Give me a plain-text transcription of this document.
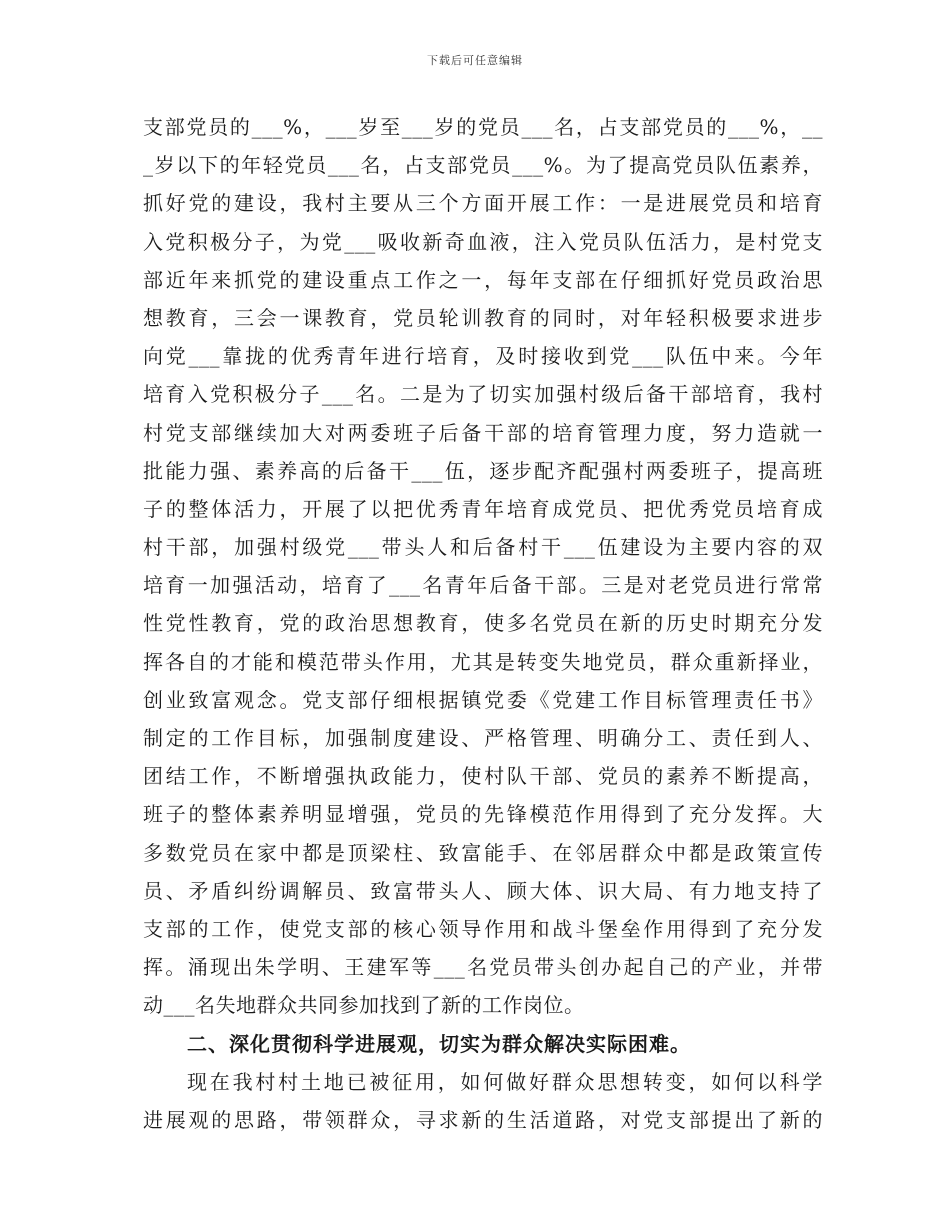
下载后可任意编辑
支部党员的___%，___岁至___岁的党员___名，占支部党员的___%，__
_岁以下的年轻党员___名，占支部党员___%。为了提高党员队伍素养，
抓好党的建设，我村主要从三个方面开展工作：一是进展党员和培育
入党积极分子，为党___吸收新奇血液，注入党员队伍活力，是村党支
部近年来抓党的建设重点工作之一，每年支部在仔细抓好党员政治思
想教育，三会一课教育，党员轮训教育的同时，对年轻积极要求进步
向党___靠拢的优秀青年进行培育，及时接收到党___队伍中来。今年
培育入党积极分子___名。二是为了切实加强村级后备干部培育，我村
村党支部继续加大对两委班子后备干部的培育管理力度，努力造就一
批能力强、素养高的后备干___伍，逐步配齐配强村两委班子，提高班
子的整体活力，开展了以把优秀青年培育成党员、把优秀党员培育成
村干部，加强村级党___带头人和后备村干___伍建设为主要内容的双
培育一加强活动，培育了___名青年后备干部。三是对老党员进行常常
性党性教育，党的政治思想教育，使多名党员在新的历史时期充分发
挥各自的才能和模范带头作用，尤其是转变失地党员，群众重新择业，
创业致富观念。党支部仔细根据镇党委《党建工作目标管理责任书》
制定的工作目标，加强制度建设、严格管理、明确分工、责任到人、
团结工作，不断增强执政能力，使村队干部、党员的素养不断提高，
班子的整体素养明显增强，党员的先锋模范作用得到了充分发挥。大
多数党员在家中都是顶梁柱、致富能手、在邻居群众中都是政策宣传
员、矛盾纠纷调解员、致富带头人、顾大体、识大局、有力地支持了
支部的工作，使党支部的核心领导作用和战斗堡垒作用得到了充分发
挥。涌现出朱学明、王建军等___名党员带头创办起自己的产业，并带
动___名失地群众共同参加找到了新的工作岗位。
二、深化贯彻科学进展观，切实为群众解决实际困难。
现在我村村土地已被征用，如何做好群众思想转变，如何以科学
进展观的思路，带领群众，寻求新的生活道路，对党支部提出了新的
